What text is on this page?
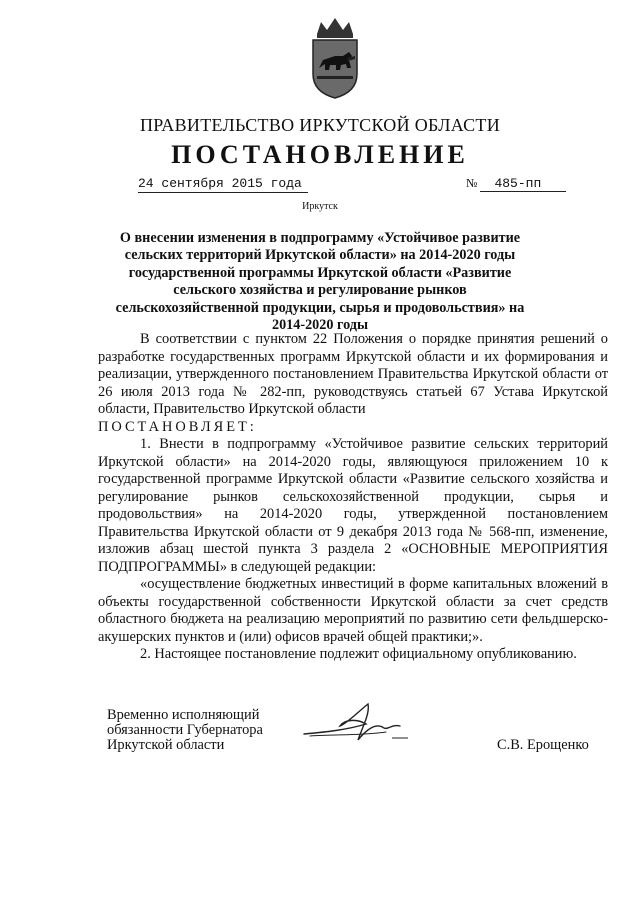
ПРАВИТЕЛЬСТВО ИРКУТСКОЙ ОБЛАСТИ
ПОСТАНОВЛЕНИЕ
24 сентября 2015 года	№ 485-пп
Иркутск
О внесении изменения в подпрограмму «Устойчивое развитие сельских территорий Иркутской области» на 2014-2020 годы государственной программы Иркутской области «Развитие сельского хозяйства и регулирование рынков сельскохозяйственной продукции, сырья и продовольствия» на 2014-2020 годы

В соответствии с пунктом 22 Положения о порядке принятия решений о разработке государственных программ Иркутской области и их формирования и реализации, утвержденного постановлением Правительства Иркутской области от 26 июля 2013 года № 282-пп, руководствуясь статьей 67 Устава Иркутской области, Правительство Иркутской области

ПОСТАНОВЛЯЕТ:

1. Внести в подпрограмму «Устойчивое развитие сельских территорий Иркутской области» на 2014-2020 годы, являющуюся приложением 10 к государственной программе Иркутской области «Развитие сельского хозяйства и регулирование рынков сельскохозяйственной продукции, сырья и продовольствия» на 2014-2020 годы, утвержденной постановлением Правительства Иркутской области от 9 декабря 2013 года № 568-пп, изменение, изложив абзац шестой пункта 3 раздела 2 «ОСНОВНЫЕ МЕРОПРИЯТИЯ ПОДПРОГРАММЫ» в следующей редакции:

«осуществление бюджетных инвестиций в форме капитальных вложений в объекты государственной собственности Иркутской области за счет средств областного бюджета на реализацию мероприятий по развитию сети фельдшерско-акушерских пунктов и (или) офисов врачей общей практики;».

2. Настоящее постановление подлежит официальному опубликованию.

Временно исполняющий
обязанности Губернатора
Иркутской области	С.В. Ерощенко
